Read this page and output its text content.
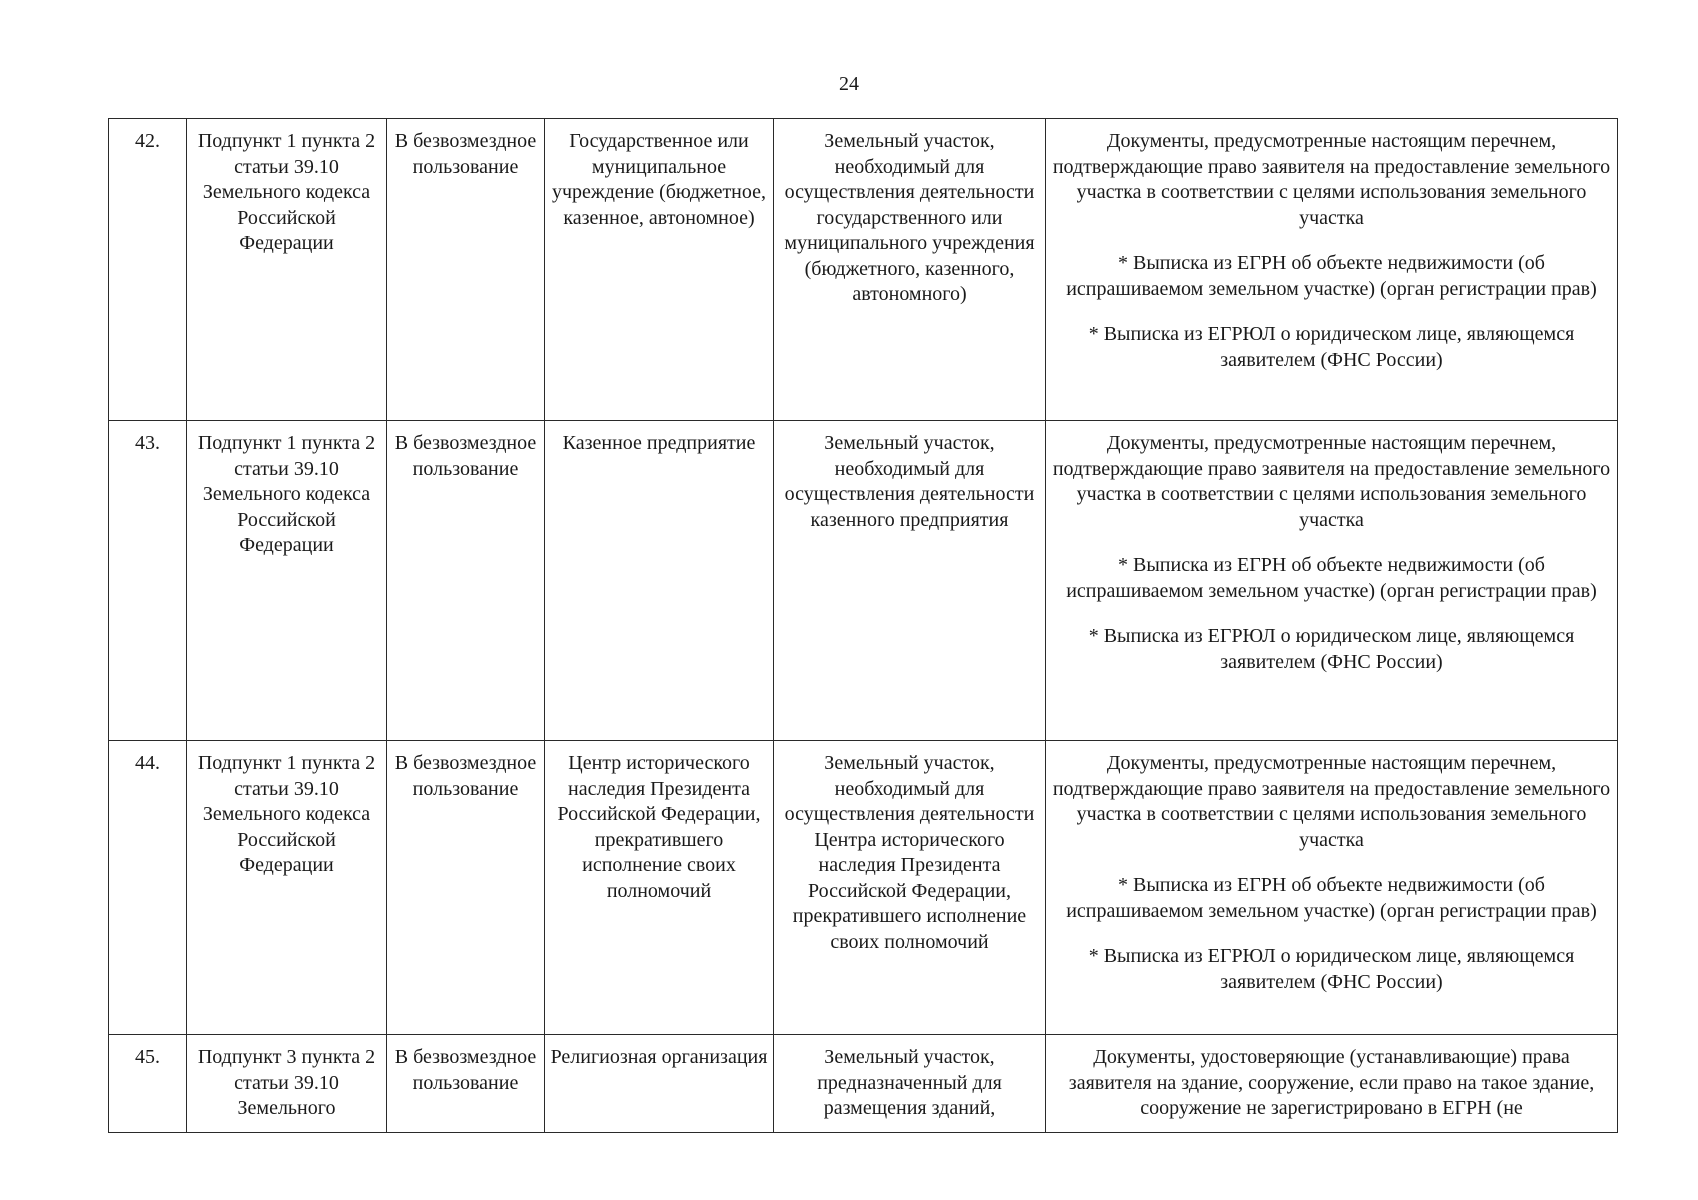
24
42.	Подпункт 1 пункта 2 статьи 39.10 Земельного кодекса Российской Федерации	В безвозмездное пользование	Государственное или муниципальное учреждение (бюджетное, казенное, автономное)	Земельный участок, необходимый для осуществления деятельности государственного или муниципального учреждения (бюджетного, казенного, автономного)	Документы, предусмотренные настоящим перечнем, подтверждающие право заявителя на предоставление земельного участка в соответствии с целями использования земельного участка

* Выписка из ЕГРН об объекте недвижимости (об испрашиваемом земельном участке) (орган регистрации прав)

* Выписка из ЕГРЮЛ о юридическом лице, являющемся заявителем (ФНС России)

43.	Подпункт 1 пункта 2 статьи 39.10 Земельного кодекса Российской Федерации	В безвозмездное пользование	Казенное предприятие	Земельный участок, необходимый для осуществления деятельности казенного предприятия	Документы, предусмотренные настоящим перечнем, подтверждающие право заявителя на предоставление земельного участка в соответствии с целями использования земельного участка

* Выписка из ЕГРН об объекте недвижимости (об испрашиваемом земельном участке) (орган регистрации прав)

* Выписка из ЕГРЮЛ о юридическом лице, являющемся заявителем (ФНС России)

44.	Подпункт 1 пункта 2 статьи 39.10 Земельного кодекса Российской Федерации	В безвозмездное пользование	Центр исторического наследия Президента Российской Федерации, прекратившего исполнение своих полномочий	Земельный участок, необходимый для осуществления деятельности Центра исторического наследия Президента Российской Федерации, прекратившего исполнение своих полномочий	Документы, предусмотренные настоящим перечнем, подтверждающие право заявителя на предоставление земельного участка в соответствии с целями использования земельного участка

* Выписка из ЕГРН об объекте недвижимости (об испрашиваемом земельном участке) (орган регистрации прав)

* Выписка из ЕГРЮЛ о юридическом лице, являющемся заявителем (ФНС России)

45.	Подпункт 3 пункта 2 статьи 39.10 Земельного	В безвозмездное пользование	Религиозная организация	Земельный участок, предназначенный для размещения зданий,	Документы, удостоверяющие (устанавливающие) права заявителя на здание, сооружение, если право на такое здание, сооружение не зарегистрировано в ЕГРН (не
